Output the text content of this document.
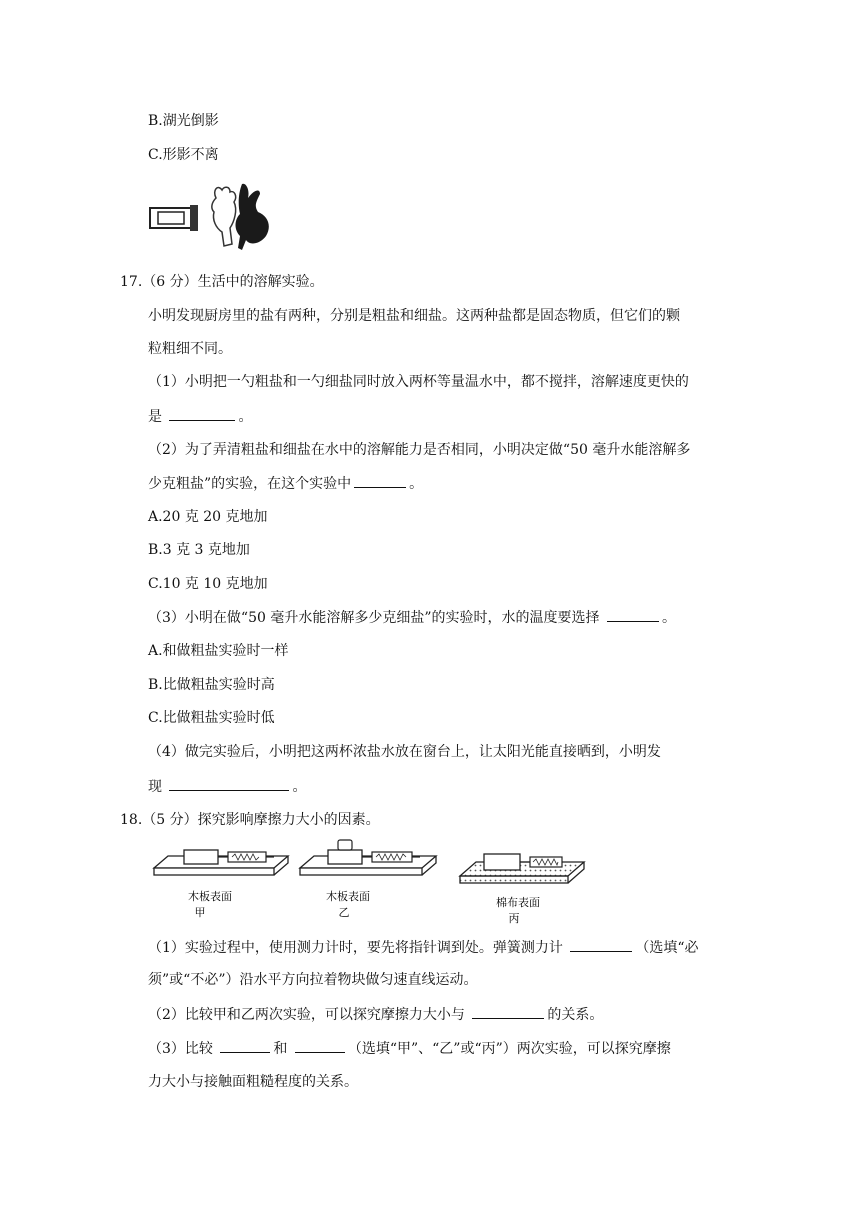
B.湖光倒影
C.形影不离
17.（6 分）生活中的溶解实验。
小明发现厨房里的盐有两种，分别是粗盐和细盐。这两种盐都是固态物质，但它们的颗
粒粗细不同。
（1）小明把一勺粗盐和一勺细盐同时放入两杯等量温水中，都不搅拌，溶解速度更快的
是	。
（2）为了弄清粗盐和细盐在水中的溶解能力是否相同，小明决定做“50 毫升水能溶解多
少克粗盐”的实验，在这个实验中	。
A.20 克 20 克地加
B.3 克 3 克地加
C.10 克 10 克地加
（3）小明在做“50 毫升水能溶解多少克细盐”的实验时，水的温度要选择	。
A.和做粗盐实验时一样
B.比做粗盐实验时高
C.比做粗盐实验时低
（4）做完实验后，小明把这两杯浓盐水放在窗台上，让太阳光能直接晒到，小明发
现	。
18.（5 分）探究影响摩擦力大小的因素。
木板表面
甲
木板表面
乙
棉布表面
丙
（1）实验过程中，使用测力计时，要先将指针调到处。弹簧测力计	（选填“必
须”或“不必”）沿水平方向拉着物块做匀速直线运动。
（2）比较甲和乙两次实验，可以探究摩擦力大小与	的关系。
（3）比较	和	（选填“甲”、“乙”或“丙”）两次实验，可以探究摩擦
力大小与接触面粗糙程度的关系。
